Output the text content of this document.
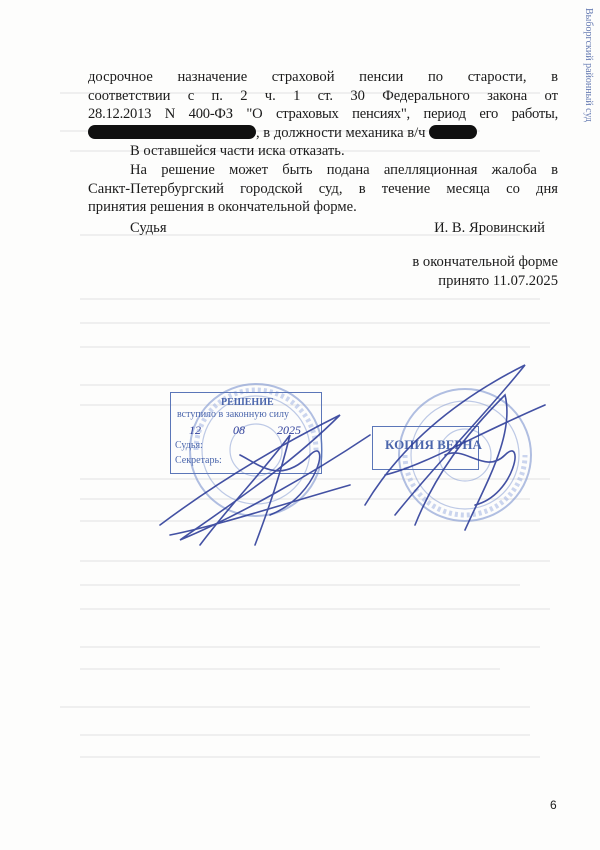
досрочное назначение страховой пенсии по старости, в

соответствии с п. 2 ч. 1 ст. 30 Федерального закона от

28.12.2013 N 400-ФЗ "О страховых пенсиях", период его работы,

, в должности механика в/ч

В оставшейся части иска отказать.

На решение может быть подана апелляционная жалоба в

Санкт-Петербургский городской суд, в течение месяца со дня

принятия решения в окончательной форме.

Судья	И. В. Яровинский
в окончательной форме
принято 11.07.2025
РЕШЕНИЕ
вступило в законную силу
12	08	2025
Судья:
Секретарь:
КОПИЯ ВЕРНА
Выборгский районный суд
6
